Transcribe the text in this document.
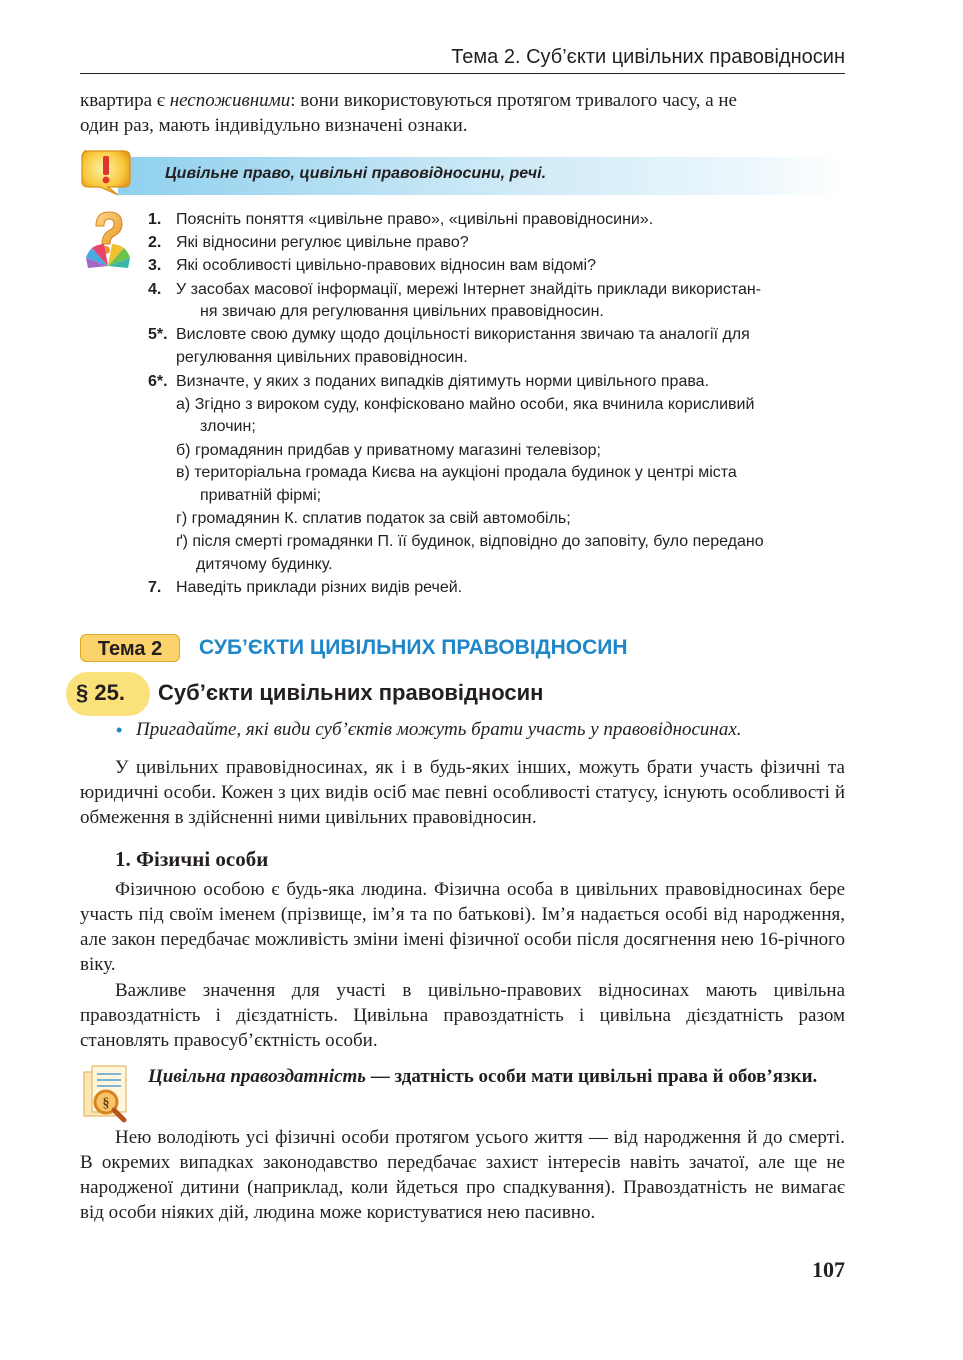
Тема 2. Суб’єкти цивільних правовідносин

квартира є неспоживними: вони використовуються протягом тривалого часу, а не
один раз, мають індивідульно визначені ознаки.

Цивільне право, цивільні правовідносини, речі.
1. Поясніть поняття «цивільне право», «цивільні правовідносини».
2. Які відносини регулює цивільне право?
3. Які особливості цивільно-правових відносин вам відомі?
4. У засобах масової інформації, мережі Інтернет знайдіть приклади використан-
ня звичаю для регулювання цивільних правовідносин.
5*. Висловте свою думку щодо доцільності використання звичаю та аналогії для
регулювання цивільних правовідносин.
6*. Визначте, у яких з поданих випадків діятимуть норми цивільного права.
а) Згідно з вироком суду, конфісковано майно особи, яка вчинила корисливий
злочин;
б) громадянин придбав у приватному магазині телевізор;
в) територіальна громада Києва на аукціоні продала будинок у центрі міста
приватній фірмі;
г) громадянин К. сплатив податок за свій автомобіль;
ґ) після смерті громадянки П. її будинок, відповідно до заповіту, було передано
дитячому будинку.
7. Наведіть приклади різних видів речей.
Тема 2	СУБ’ЄКТИ ЦИВІЛЬНИХ ПРАВОВІДНОСИН
§ 25. Суб’єкти цивільних правовідносин
• Пригадайте, які види суб’єктів можуть брати участь у правовідносинах.

У цивільних правовідносинах, як і в будь-яких інших, можуть брати участь фізичні та юридичні особи. Кожен з цих видів осіб має певні особливості статусу, існують особливості й обмеження в здійсненні ними цивільних правовідносин.

1. Фізичні особи

Фізичною особою є будь-яка людина. Фізична особа в цивільних правовідносинах бере участь під своїм іменем (прізвище, ім’я та по батькові). Ім’я надається особі від народження, але закон передбачає можливість зміни імені фізичної особи після досягнення нею 16-річного віку.

Важливе значення для участі в цивільно-правових відносинах мають цивільна правоздатність і дієздатність. Цивільна правоздатність і цивільна дієздатність разом становлять правосуб’єктність особи.

§

Цивільна правоздатність — здатність особи мати цивільні права й обов’язки.

Нею володіють усі фізичні особи протягом усього життя — від народження й до смерті. В окремих випадках законодавство передбачає захист інтересів навіть зачатої, але ще не народженої дитини (наприклад, коли йдеться про спадкування). Правоздатність не вимагає від особи ніяких дій, людина може користуватися нею пасивно.

107
